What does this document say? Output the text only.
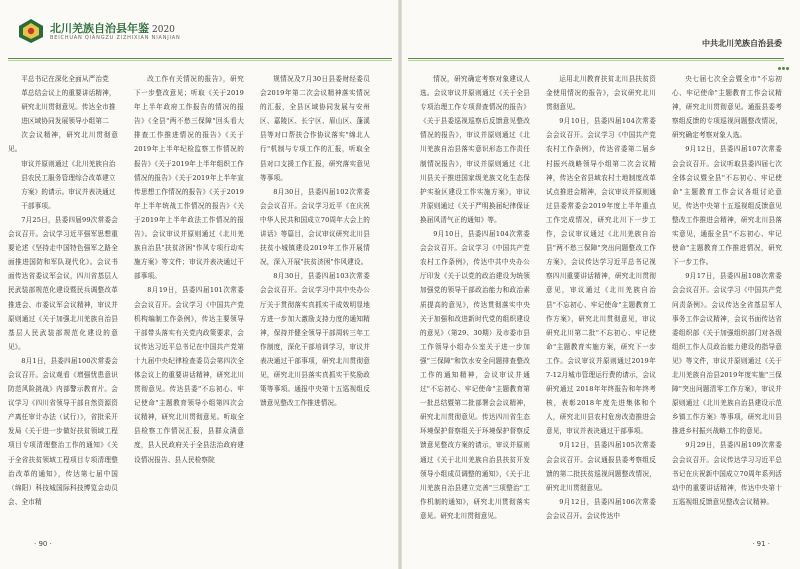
北川羌族自治县年鉴 2020
BEICHUAN QIANGZU ZIZHIXIAN NIANJIAN

平总书记在深化全面从严治党

革总结会议上的重要讲话精神，

研究北川贯彻意见。传达全市推

进区域协同发展领导小组第二

次会议精神，研究北川贯彻意见。

审议并原则通过《北川羌族自治

县农民工服务管理综合改革建立

方案》的请示。审议并表决通过

干部事项。

7月25日，县委四届99次常委会会议召开。会议学习近平强军思想重要论述《坚持走中国特色强军之路全面推进国防和军队现代化》。会议书面传达省委议军会议，四川省基层人民武装部规范化建设暨民兵调整改革推进会、市委议军会议精神，审议并原则通过《关于加强北川羌族自治县基层人民武装部规范化建设的意见》。

8月1日，县委四届100次常委会会议召开。会议观看《增强忧患意识 防范风险挑战》内部警示教育片。会议学习《四川省领导干部自然资源资产离任审计办法（试行）》，省批采开发局《关于进一步做好扶贫领域工程项目专项清理整治工作的通知》《关于全省扶贫领域工程项目专项清理整治改革的通知》，传达第七届中国（绵阳）科技城国际科技博览会动员会、全市精

改工作有关情况的报告》，研究下一步整改意见；听取《关于2019年上半年政府工作报告的情况的报告》《全县"两不愁三保障"回头看大排查工作推进情况的报告》《关于2019年上半年纪检监察工作情况的报告》《关于2019年上半年组织工作情况的报告》《关于2019年上半年宣传思想工作情况的报告》《关于2019年上半年统战工作情况的报告》《关于2019年上半年政法工作情况的报告》。会议审议并原则通过《北川羌族自治县"扶贫济困"作风专项行动实施方案》等文件；审议并表决通过干部事项。

8月19日，县委四届101次常委会会议召开。会议学习《中国共产党机构编制工作条例》，传达主要领导干部带头落实有关党内政策要求，会议传达习近平总书记在中国共产党第十九届中央纪律检查委员会第四次全体会议上的重要讲话精神，研究北川贯彻意见。传达县委"不忘初心、牢记使命"主题教育领导小组第四次会议精神，研究北川贯彻意见。听取全县检察工作情况汇报，县群众满意度，县人民政府关于全县法治政府建设情况报告、县人民检察院

规情况及7月30日县委财经委员会2019年第二次会议精神落实情况的汇报，全县区域协同发展与安州区、嘉陵区、长宁区、眉山区、蓬溪县等对口帮扶合作协议落实"绵北人行"机制与专项工作的汇报，听取全县对口支援工作汇报，研究落实意见等事项。

8月30日，县委四届102次常委会会议召开。会议学习近平《在庆祝中华人民共和国成立70周年大会上的讲话》等篇目，会议审议研究北川县扶贫小城镇建设2019年工作开展情况，深入开展"扶贫济困"作风建设。

8月30日，县委四届103次常委会会议召开。会议学习中共中央办公厅关于贯彻落实真抓实干成效明显地方进一步加大激励支持力度的通知精神，保持并健全领导干部周转三年工作制度，深化干部培训学习，审议并表决通过干部事项，研究北川贯彻意见，研究北川县落实真抓实干奖励政策等事项。通报中央第十五巡视组反馈意见整改工作推进情况。

· 90 ·
中共北川羌族自治县委

情况，研究确定考察对象建议人选。会议审议并原则通过《关于全县专项治理工作专项督查情况的报告》《关于县委巡视巡察后反馈意见整改情况的报告》，审议并原则通过《北川羌族自治县落实意识形态工作责任制情况报告》，审议并原则通过《北川县关于推进国家级羌族文化生态保护实验区建设工作实施方案》，审议并原则通过《关于严明换届纪律保证换届风清气正的通知》等。

9月10日，县委四届104次常委会会议召开。会议学习《中国共产党农村工作条例》，传达中共中央办公厅印发《关于以党的政治建设为统领加强党的领导干部政治能力和政治素质提高的意见》，传达贯彻落实中央关于加强和改进新时代党的组织建设的意见》（第29、30期）及市委市县工作领导小组办公室关于进一步加强"三保障"和饮水安全问题排查整改工作的通知精神，会议审议并通过"不忘初心、牢记使命"主题教育第一批总结暨第二批部署会会议精神，研究北川贯彻意见。传达四川省生态环境保护督察组关于环境保护督察反馈意见整改方案的请示，审议并原则通过《关于北川羌族自治县扶贫开发领导小组成员调整的通知》，《关于北川羌族自治县建立完善"三项整治"工作机制的通知》，研究北川贯彻落实意见。研究北川贯彻意见。

运用北川教育扶贫北川县扶贫资金使用情况的报告》，会议研究北川贯彻意见。

9月10日，县委四届104次常委会会议召开。会议学习《中国共产党农村工作条例》，传达省委第二届乡村振兴战略领导小组第二次会议精神，传达全省县域农村土地制度改革试点推进会精神，会议审议并原则通过县委常委会2019年度上半年重点工作完成情况，研究北川下一步工作，会议审议通过《北川羌族自治县"两不愁三保障"突出问题整改工作方案》，会议传达学习近平总书记视察四川重要讲话精神，研究北川贯彻意见，审议通过《北川羌族自治县"不忘初心、牢记使命"主题教育工作方案》，研究北川贯彻意见，审议研究北川第二批"不忘初心、牢记使命"主题教育实施方案，研究下一步工作。会议审议并原则通过2019年7-12月城市管理运行费的请示，会议研究通过 2018年年终报告和年终考核，表彰2018年度先进集体和个人，研究北川县农村危房改造推进会意见，审议并表决通过干部事项。

9月12日，县委四届105次常委会会议召开。会议通报县委考察组反馈的第二批扶贫巡视问题整改情况，研究北川贯彻意见。

9月12日，县委四届106次常委会会议召开。会议传达中

央七届七次全会暨全市"不忘初心、牢记使命"主题教育工作会议精神，研究北川贯彻意见。通报县委考察组反馈的专项巡视问题整改情况，研究确定考察对象人选。

9月12日，县委四届107次常委会会议召开。会议听取县委四届七次全体会议暨全县"不忘初心、牢记使命"主题教育工作会议各组讨论意见，传达中央第十五巡视组反馈意见整改工作推进会精神，研究北川县落实意见，通报全县"不忘初心、牢记使命"主题教育工作推进情况，研究下一步工作。

9月17日，县委四届108次常委会会议召开。会议学习《中国共产党问责条例》。会议传达全省基层军人事务工作会议精神，会议书面传达省委组织部《关于加强组织部门对各级组织工作人员政治能力建设的指导意见》等文件，审议并原则通过《关于北川羌族自治县2019年度实施"三保障"突出问题清零工作方案》，审议并原则通过《北川羌族自治县建设示范乡镇工作方案》等事项，研究北川县推进乡村振兴战略工作的意见。

9月29日，县委四届109次常委会会议召开。会议传达学习习近平总书记在庆祝新中国成立70周年系列活动中的重要讲话精神，传达中央第十五巡视组反馈意见整改会议精神。

· 91 ·
